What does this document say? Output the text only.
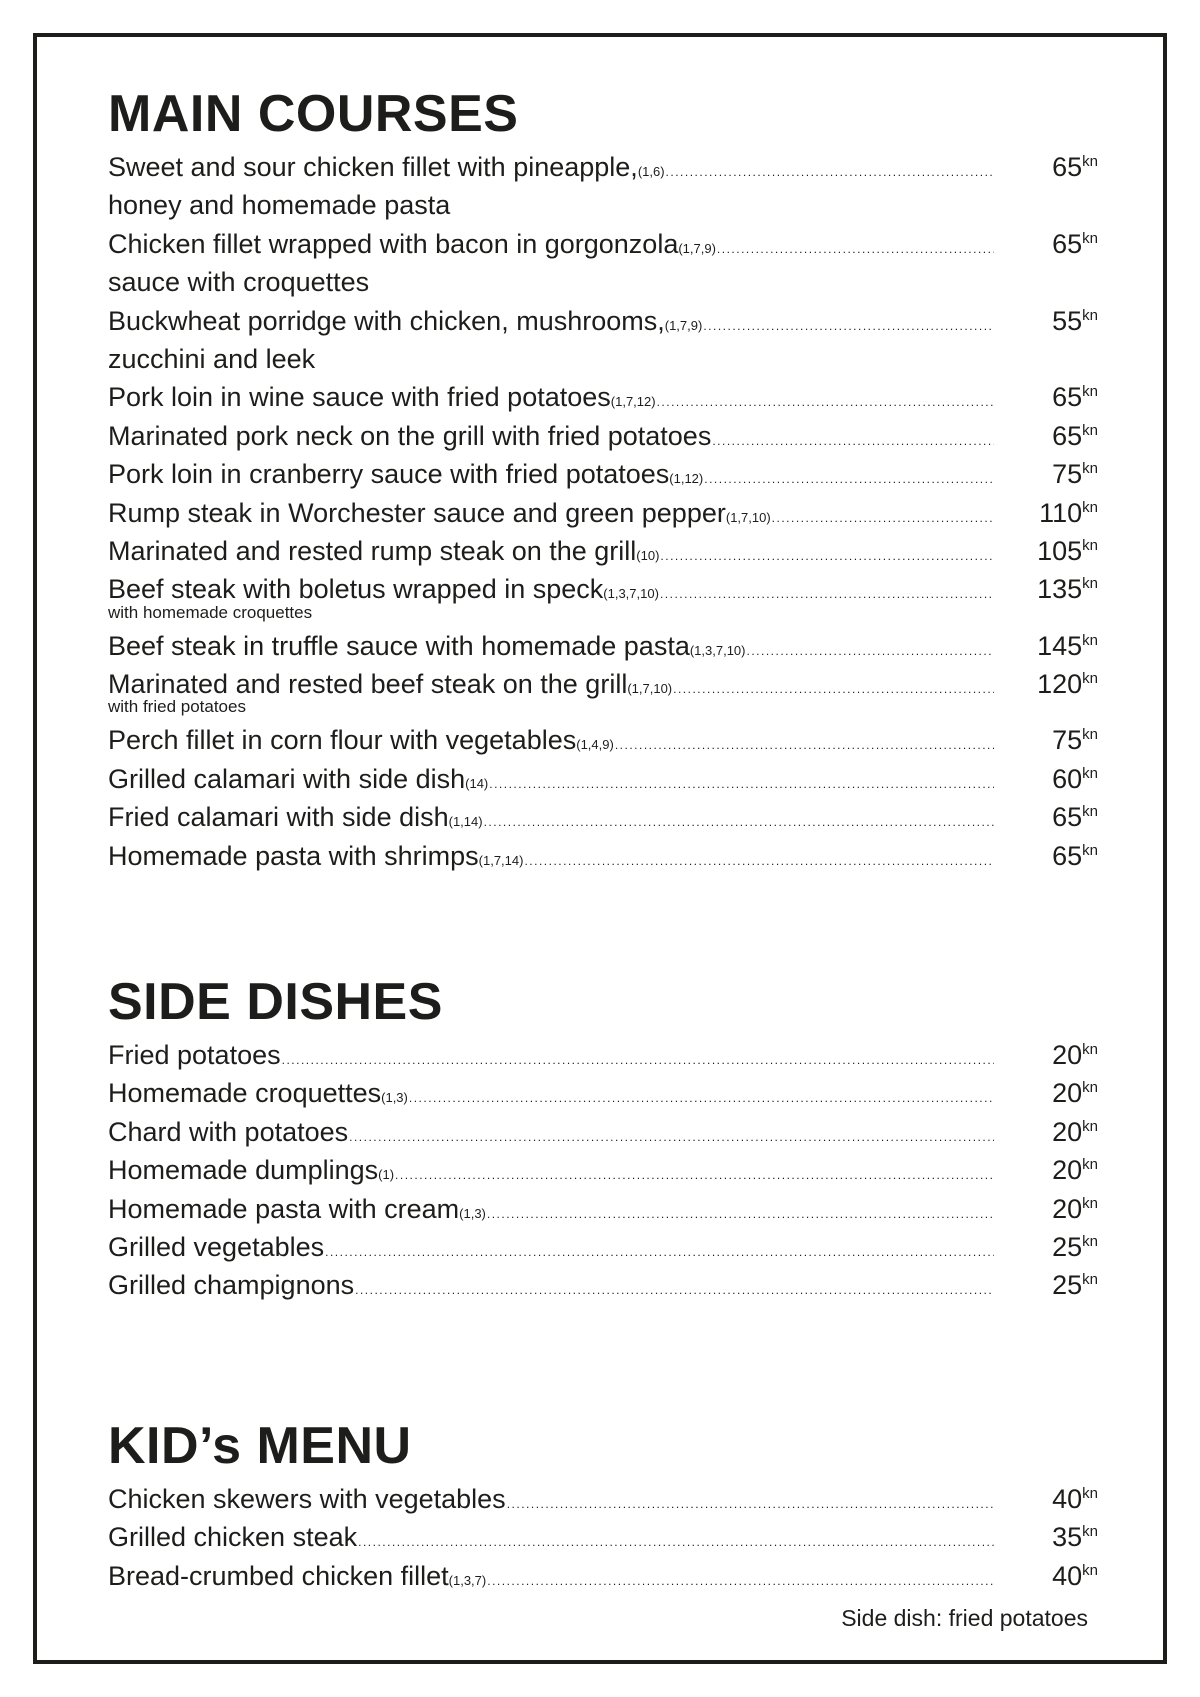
MAIN COURSES
Sweet and sour chicken fillet with pineapple, (1,6) .....	$65^{kn}$
honey and homemade pasta
Chicken fillet wrapped with bacon in gorgonzola (1,7,9) .....	$65^{kn}$
sauce with croquettes
Buckwheat porridge with chicken, mushrooms, (1,7,9) .....	$55^{kn}$
zucchini and leek
Pork loin in wine sauce with fried potatoes (1,7,12) .....	$65^{kn}$
Marinated pork neck on the grill with fried potatoes .....	$65^{kn}$
Pork loin in cranberry sauce with fried potatoes (1,12) .....	$75^{kn}$
Rump steak in Worchester sauce and green pepper (1,7,10) .....	$110^{kn}$
Marinated and rested rump steak on the grill (10) .....	$105^{kn}$
Beef steak with boletus wrapped in speck (1,3,7,10) .....	$135^{kn}$
with homemade croquettes
Beef steak in truffle sauce with homemade pasta (1,3,7,10) .....	$145^{kn}$
Marinated and rested beef steak on the grill (1,7,10) .....	$120^{kn}$
with fried potatoes
Perch fillet in corn flour with vegetables (1,4,9) .....	$75^{kn}$
Grilled calamari with side dish (14) .....	$60^{kn}$
Fried calamari with side dish (1,14) .....	$65^{kn}$
Homemade pasta with shrimps (1,7,14) .....	$65^{kn}$
SIDE DISHES
Fried potatoes .....	$20^{kn}$
Homemade croquettes (1,3) .....	$20^{kn}$
Chard with potatoes .....	$20^{kn}$
Homemade dumplings (1) .....	$20^{kn}$
Homemade pasta with cream (1,3) .....	$20^{kn}$
Grilled vegetables .....	$25^{kn}$
Grilled champignons .....	$25^{kn}$
KID’s MENU
Chicken skewers with vegetables .....	$40^{kn}$
Grilled chicken steak .....	$35^{kn}$
Bread-crumbed chicken fillet (1,3,7) .....	$40^{kn}$
Side dish: fried potatoes
